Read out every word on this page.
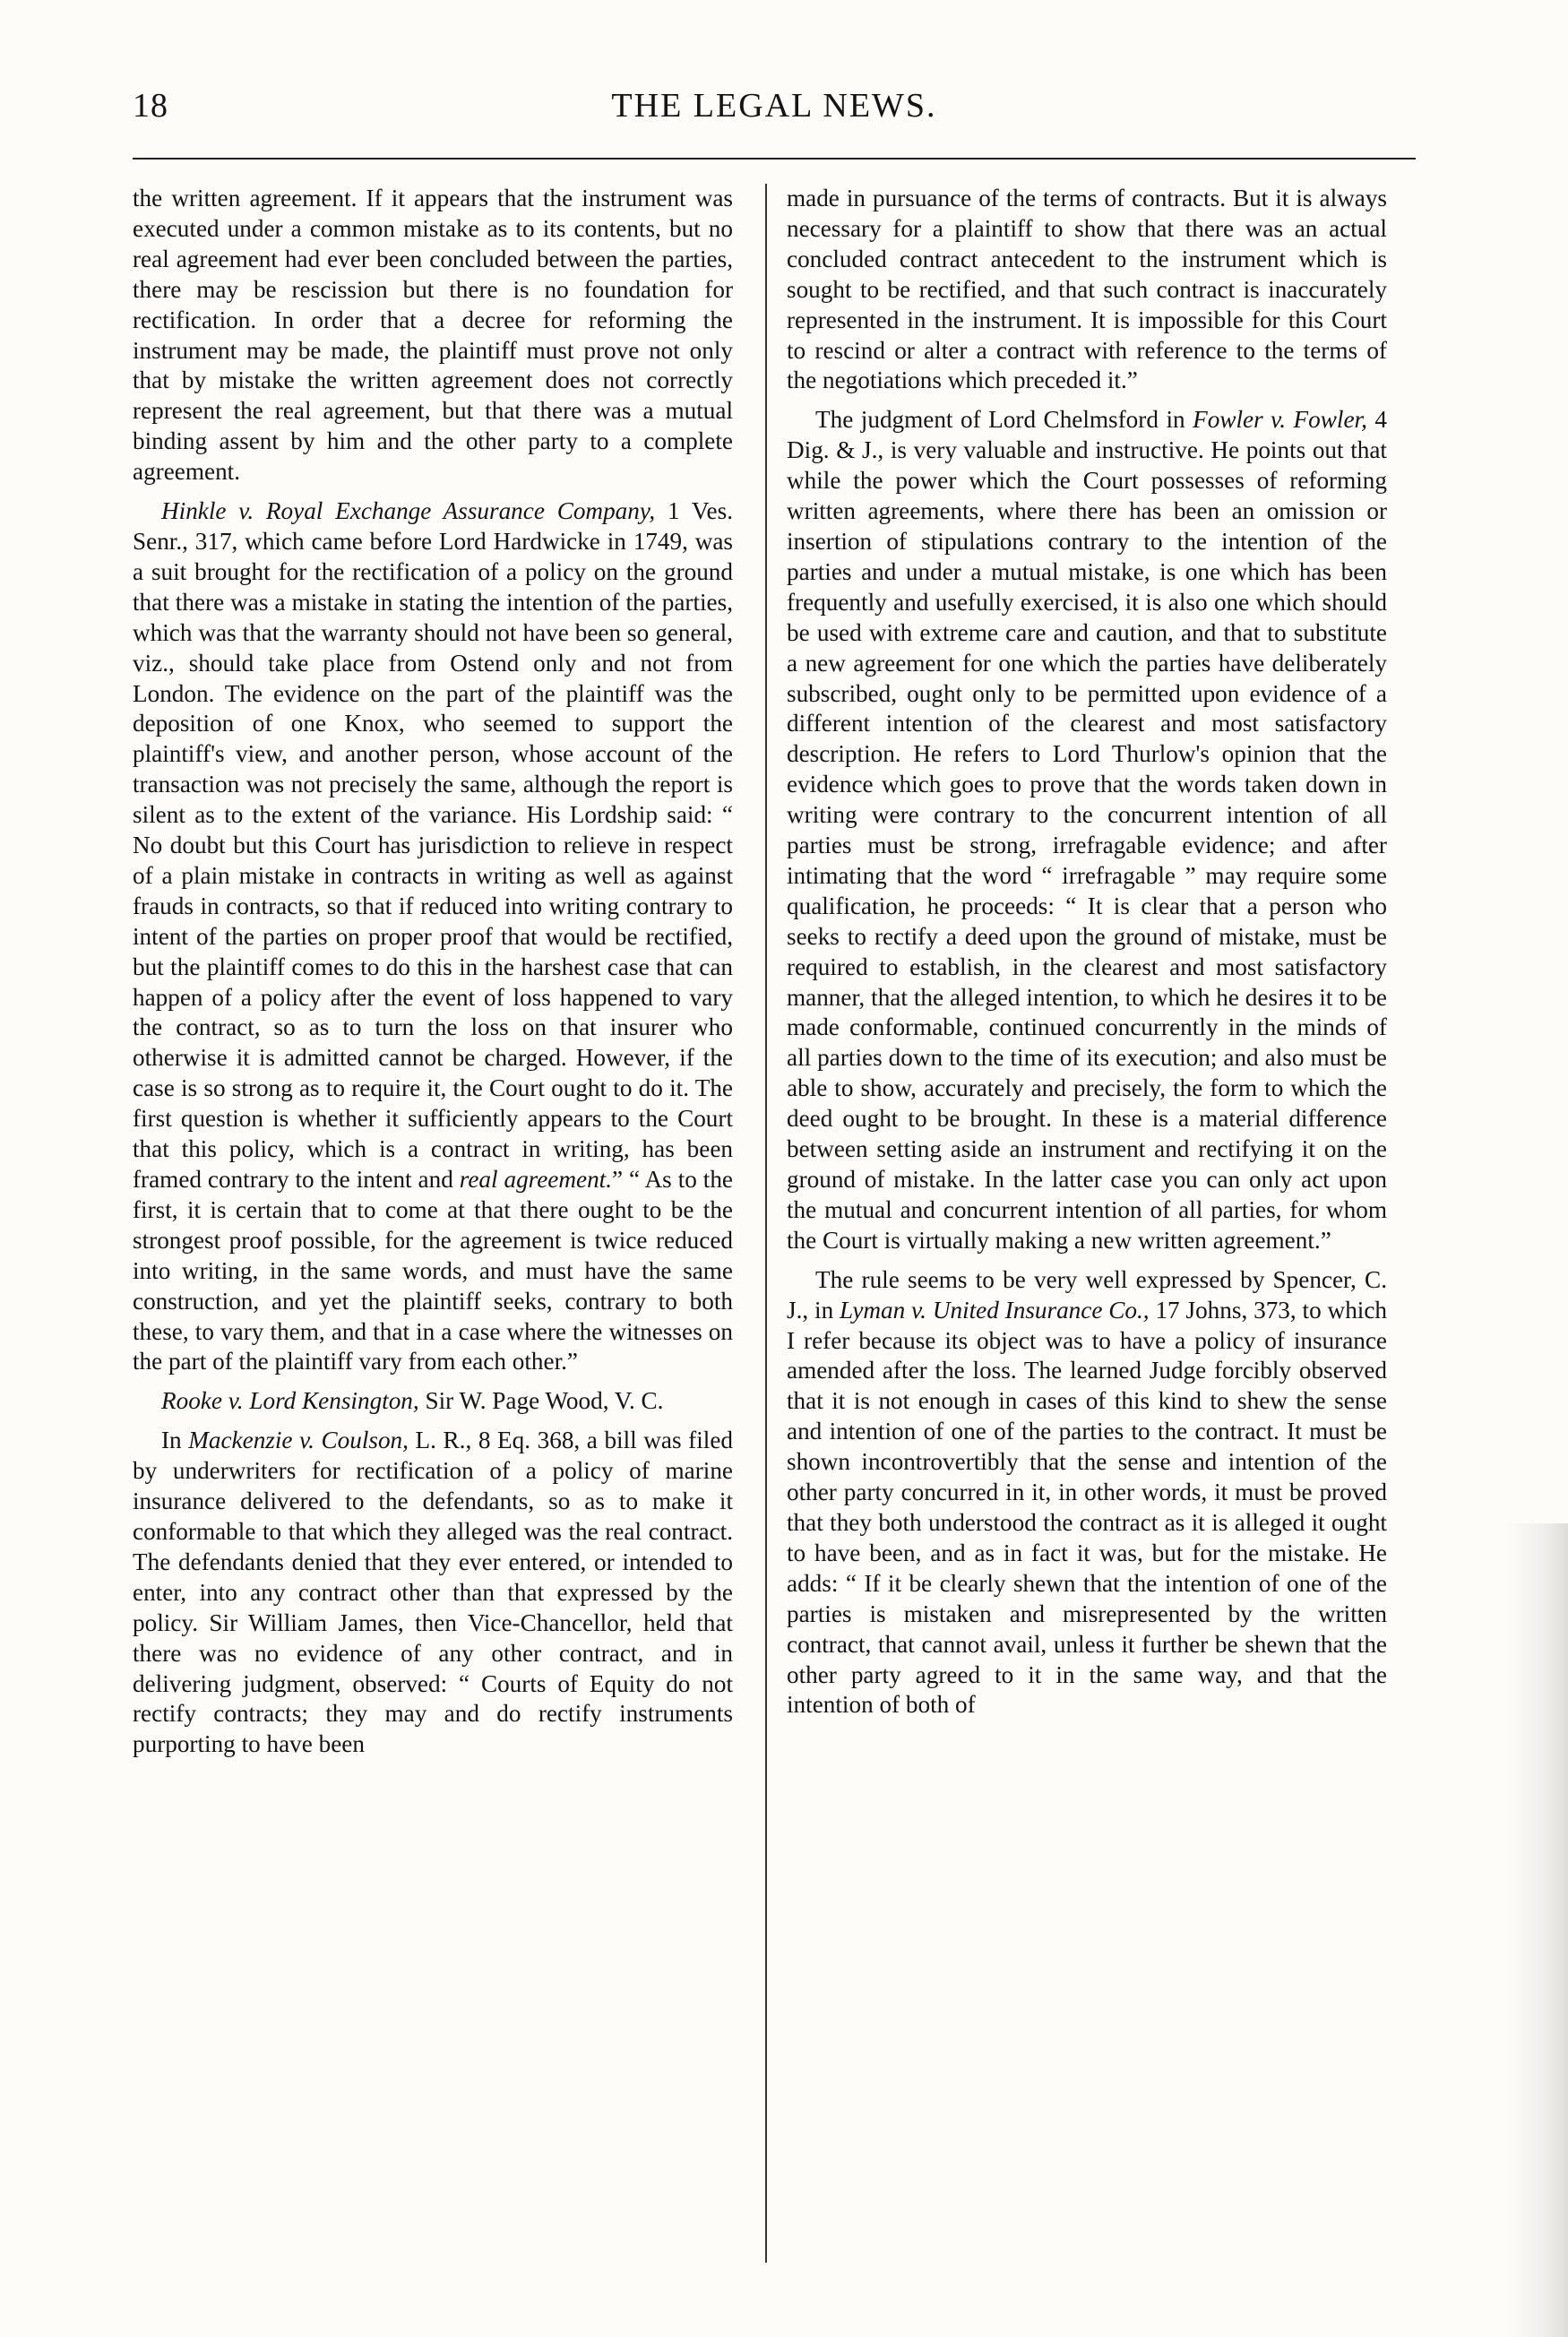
18	THE LEGAL NEWS.

the written agreement. If it appears that the instrument was executed under a common mistake as to its contents, but no real agreement had ever been concluded between the parties, there may be rescission but there is no foundation for rectification. In order that a decree for reforming the instrument may be made, the plaintiff must prove not only that by mistake the written agreement does not correctly represent the real agreement, but that there was a mutual binding assent by him and the other party to a complete agreement.

Hinkle v. Royal Exchange Assurance Company, 1 Ves. Senr., 317, which came before Lord Hardwicke in 1749, was a suit brought for the rectification of a policy on the ground that there was a mistake in stating the intention of the parties, which was that the warranty should not have been so general, viz., should take place from Ostend only and not from London. The evidence on the part of the plaintiff was the deposition of one Knox, who seemed to support the plaintiff's view, and another person, whose account of the transaction was not precisely the same, although the report is silent as to the extent of the variance. His Lordship said: “ No doubt but this Court has jurisdiction to relieve in respect of a plain mistake in contracts in writing as well as against frauds in contracts, so that if reduced into writing contrary to intent of the parties on proper proof that would be rectified, but the plaintiff comes to do this in the harshest case that can happen of a policy after the event of loss happened to vary the contract, so as to turn the loss on that insurer who otherwise it is admitted cannot be charged. However, if the case is so strong as to require it, the Court ought to do it. The first question is whether it sufficiently appears to the Court that this policy, which is a contract in writing, has been framed contrary to the intent and real agreement.” “ As to the first, it is certain that to come at that there ought to be the strongest proof possible, for the agreement is twice reduced into writing, in the same words, and must have the same construction, and yet the plaintiff seeks, contrary to both these, to vary them, and that in a case where the witnesses on the part of the plaintiff vary from each other.”

Rooke v. Lord Kensington, Sir W. Page Wood, V. C.

In Mackenzie v. Coulson, L. R., 8 Eq. 368, a bill was filed by underwriters for rectification of a policy of marine insurance delivered to the defendants, so as to make it conformable to that which they alleged was the real contract. The defendants denied that they ever entered, or intended to enter, into any contract other than that expressed by the policy. Sir William James, then Vice-Chancellor, held that there was no evidence of any other contract, and in delivering judgment, observed: “ Courts of Equity do not rectify contracts; they may and do rectify instruments purporting to have been

made in pursuance of the terms of contracts. But it is always necessary for a plaintiff to show that there was an actual concluded contract antecedent to the instrument which is sought to be rectified, and that such contract is inaccurately represented in the instrument. It is impossible for this Court to rescind or alter a contract with reference to the terms of the negotiations which preceded it.”

The judgment of Lord Chelmsford in Fowler v. Fowler, 4 Dig. & J., is very valuable and instructive. He points out that while the power which the Court possesses of reforming written agreements, where there has been an omission or insertion of stipulations contrary to the intention of the parties and under a mutual mistake, is one which has been frequently and usefully exercised, it is also one which should be used with extreme care and caution, and that to substitute a new agreement for one which the parties have deliberately subscribed, ought only to be permitted upon evidence of a different intention of the clearest and most satisfactory description. He refers to Lord Thurlow's opinion that the evidence which goes to prove that the words taken down in writing were contrary to the concurrent intention of all parties must be strong, irrefragable evidence; and after intimating that the word “ irrefragable ” may require some qualification, he proceeds: “ It is clear that a person who seeks to rectify a deed upon the ground of mistake, must be required to establish, in the clearest and most satisfactory manner, that the alleged intention, to which he desires it to be made conformable, continued concurrently in the minds of all parties down to the time of its execution; and also must be able to show, accurately and precisely, the form to which the deed ought to be brought. In these is a material difference between setting aside an instrument and rectifying it on the ground of mistake. In the latter case you can only act upon the mutual and concurrent intention of all parties, for whom the Court is virtually making a new written agreement.”

The rule seems to be very well expressed by Spencer, C. J., in Lyman v. United Insurance Co., 17 Johns, 373, to which I refer because its object was to have a policy of insurance amended after the loss. The learned Judge forcibly observed that it is not enough in cases of this kind to shew the sense and intention of one of the parties to the contract. It must be shown incontrovertibly that the sense and intention of the other party concurred in it, in other words, it must be proved that they both understood the contract as it is alleged it ought to have been, and as in fact it was, but for the mistake. He adds: “ If it be clearly shewn that the intention of one of the parties is mistaken and misrepresented by the written contract, that cannot avail, unless it further be shewn that the other party agreed to it in the same way, and that the intention of both of
